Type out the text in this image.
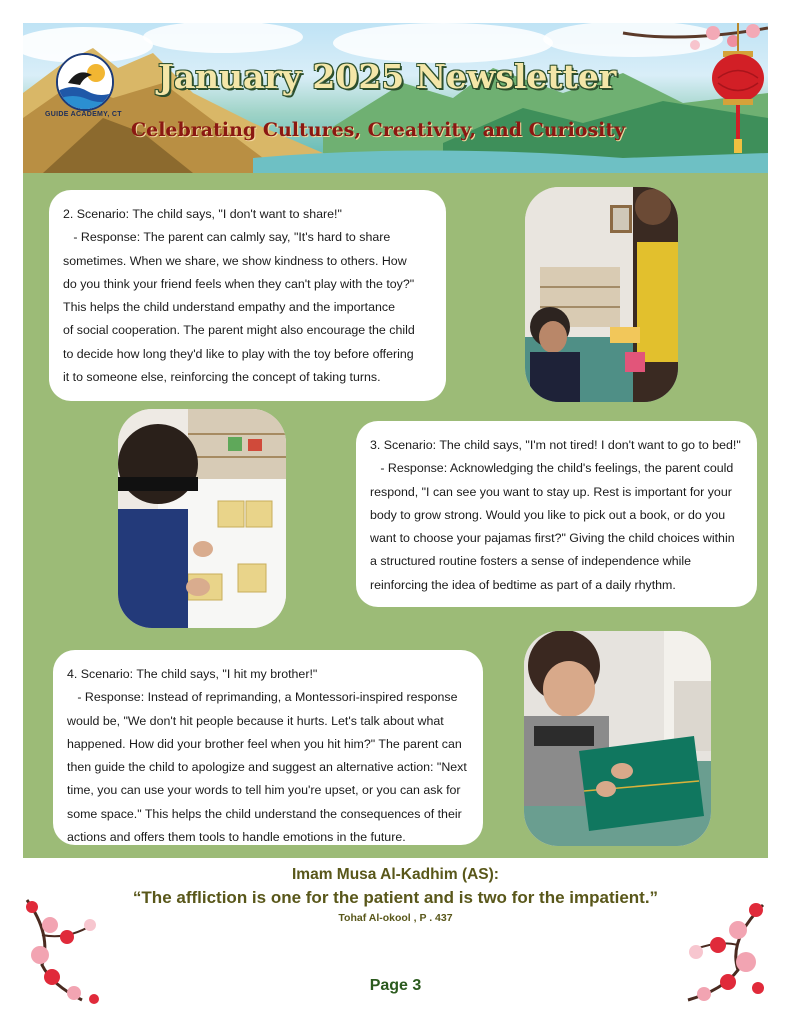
GUIDE ACADEMY, CT
January 2025 Newsletter
Celebrating Cultures, Creativity, and Curiosity

2. Scenario: The child says, "I don't want to share!"

- Response: The parent can calmly say, "It's hard to share

sometimes. When we share, we show kindness to others. How

do you think your friend feels when they can't play with the toy?"

This helps the child understand empathy and the importance

of social cooperation. The parent might also encourage the child

to decide how long they'd like to play with the toy before offering

it to someone else, reinforcing the concept of taking turns.

3. Scenario: The child says, "I'm not tired! I don't want to go to bed!"

- Response: Acknowledging the child's feelings, the parent could

respond, "I can see you want to stay up. Rest is important for your

body to grow strong. Would you like to pick out a book, or do you

want to choose your pajamas first?" Giving the child choices within

a structured routine fosters a sense of independence while

reinforcing the idea of bedtime as part of a daily rhythm.

4. Scenario: The child says, "I hit my brother!"

- Response: Instead of reprimanding, a Montessori-inspired response

would be, "We don't hit people because it hurts. Let's talk about what

happened. How did your brother feel when you hit him?" The parent can

then guide the child to apologize and suggest an alternative action: "Next

time, you can use your words to tell him you're upset, or you can ask for

some space." This helps the child understand the consequences of their

actions and offers them tools to handle emotions in the future.

Imam Musa Al-Kadhim (AS):
“The affliction is one for the patient and is two for the impatient.”
Tohaf Al-okool , P . 437
Page 3
